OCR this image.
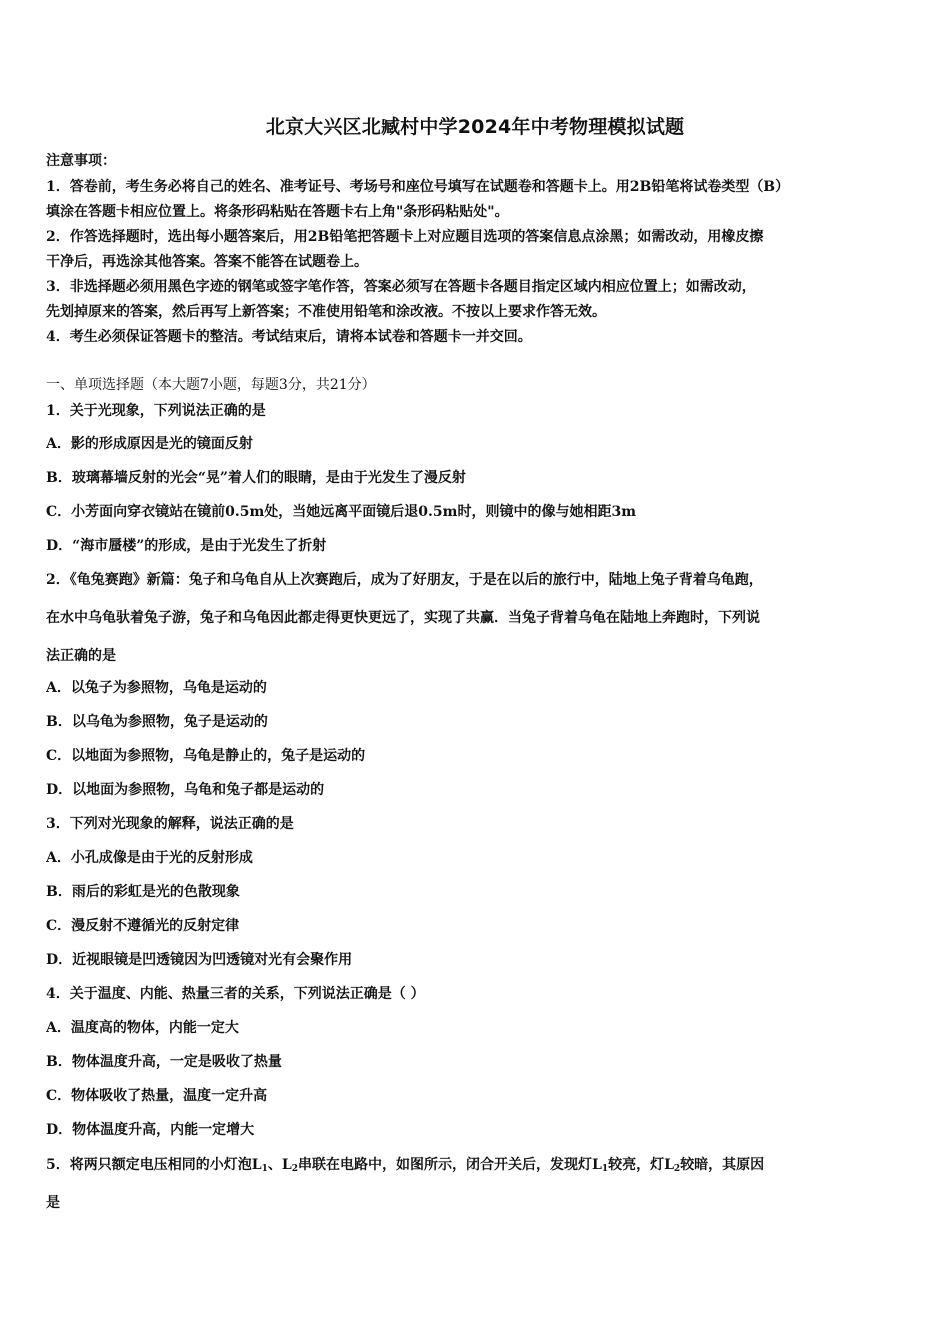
北京大兴区北臧村中学2024年中考物理模拟试题
注意事项：
1．答卷前，考生务必将自己的姓名、准考证号、考场号和座位号填写在试题卷和答题卡上。用2B铅笔将试卷类型（B）
填涂在答题卡相应位置上。将条形码粘贴在答题卡右上角"条形码粘贴处"。
2．作答选择题时，选出每小题答案后，用2B铅笔把答题卡上对应题目选项的答案信息点涂黑；如需改动，用橡皮擦
干净后，再选涂其他答案。答案不能答在试题卷上。
3．非选择题必须用黑色字迹的钢笔或签字笔作答，答案必须写在答题卡各题目指定区域内相应位置上；如需改动，
先划掉原来的答案，然后再写上新答案；不准使用铅笔和涂改液。不按以上要求作答无效。
4．考生必须保证答题卡的整洁。考试结束后，请将本试卷和答题卡一并交回。
一、单项选择题（本大题7小题，每题3分，共21分）
1．关于光现象，下列说法正确的是
A．影的形成原因是光的镜面反射
B．玻璃幕墙反射的光会“晃”着人们的眼睛，是由于光发生了漫反射
C．小芳面向穿衣镜站在镜前0.5m处，当她远离平面镜后退0.5m时，则镜中的像与她相距3m
D．“海市蜃楼”的形成，是由于光发生了折射
2．《龟兔赛跑》新篇：兔子和乌龟自从上次赛跑后，成为了好朋友，于是在以后的旅行中，陆地上兔子背着乌龟跑，
在水中乌龟驮着兔子游，兔子和乌龟因此都走得更快更远了，实现了共赢．当兔子背着乌龟在陆地上奔跑时，下列说
法正确的是
A．以兔子为参照物，乌龟是运动的
B．以乌龟为参照物，兔子是运动的
C．以地面为参照物，乌龟是静止的，兔子是运动的
D．以地面为参照物，乌龟和兔子都是运动的
3．下列对光现象的解释，说法正确的是
A．小孔成像是由于光的反射形成
B．雨后的彩虹是光的色散现象
C．漫反射不遵循光的反射定律
D．近视眼镜是凹透镜因为凹透镜对光有会聚作用
4．关于温度、内能、热量三者的关系，下列说法正确是（ ）
A．温度高的物体，内能一定大
B．物体温度升高，一定是吸收了热量
C．物体吸收了热量，温度一定升高
D．物体温度升高，内能一定增大
5．将两只额定电压相同的小灯泡$L_1$、$L_2$串联在电路中，如图所示，闭合开关后，发现灯$L_1$较亮，灯$L_2$较暗，其原因
是
